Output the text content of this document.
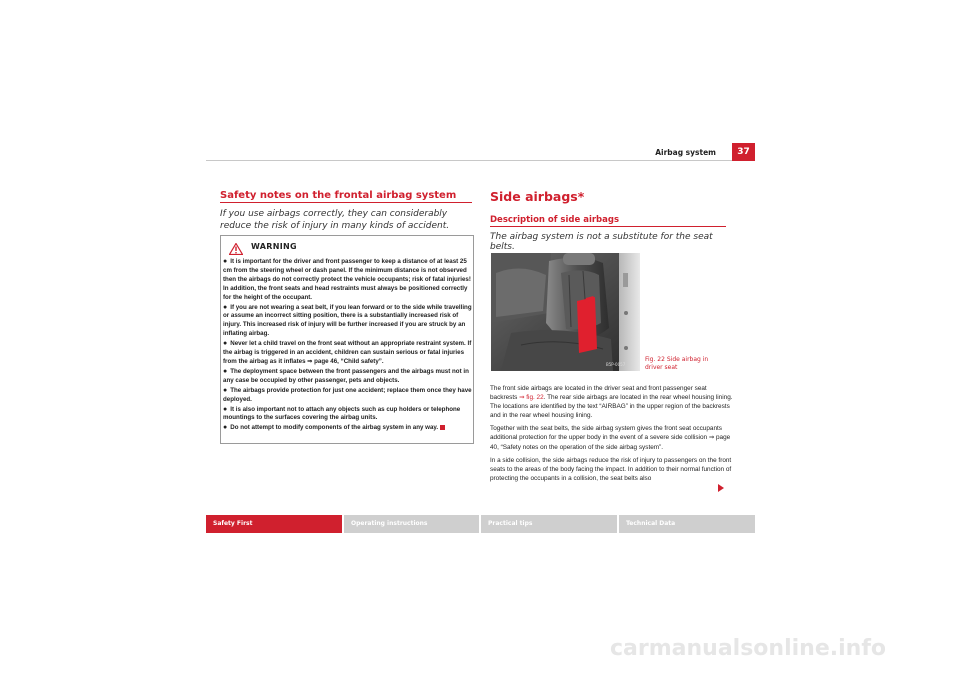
Airbag system	37
Safety notes on the frontal airbag system
If you use airbags correctly, they can considerably reduce the risk of injury in many kinds of accident.
WARNING
● It is important for the driver and front passenger to keep a distance of at least 25 cm from the steering wheel or dash panel. If the minimum distance is not observed then the airbags do not correctly protect the vehicle occupants; risk of fatal injuries! In addition, the front seats and head restraints must always be positioned correctly for the height of the occupant.
● If you are not wearing a seat belt, if you lean forward or to the side while travelling or assume an incorrect sitting position, there is a substantially increased risk of injury. This increased risk of injury will be further increased if you are struck by an inflating airbag.
● Never let a child travel on the front seat without an appropriate restraint system. If the airbag is triggered in an accident, children can sustain serious or fatal injuries from the airbag as it inflates ⇒ page 46, “Child safety”.
● The deployment space between the front passengers and the airbags must not in any case be occupied by other passenger, pets and objects.
● The airbags provide protection for just one accident; replace them once they have deployed.
● It is also important not to attach any objects such as cup holders or telephone mountings to the surfaces covering the airbag units.
● Do not attempt to modify components of the airbag system in any way.
Side airbags*
Description of side airbags
The airbag system is not a substitute for the seat belts.
B5P-0057
Fig. 22 Side airbag in
driver seat

The front side airbags are located in the driver seat and front passenger seat backrests ⇒ fig. 22. The rear side airbags are located in the rear wheel housing lining. The locations are identified by the text “AIRBAG” in the upper region of the backrests and in the rear wheel housing lining.

Together with the seat belts, the side airbag system gives the front seat occupants additional protection for the upper body in the event of a severe side collision ⇒ page 40, “Safety notes on the operation of the side airbag system”.

In a side collision, the side airbags reduce the risk of injury to passengers on the front seats to the areas of the body facing the impact. In addition to their normal function of protecting the occupants in a collision, the seat belts also

Safety First	Operating instructions	Practical tips	Technical Data
carmanualsonline.info
